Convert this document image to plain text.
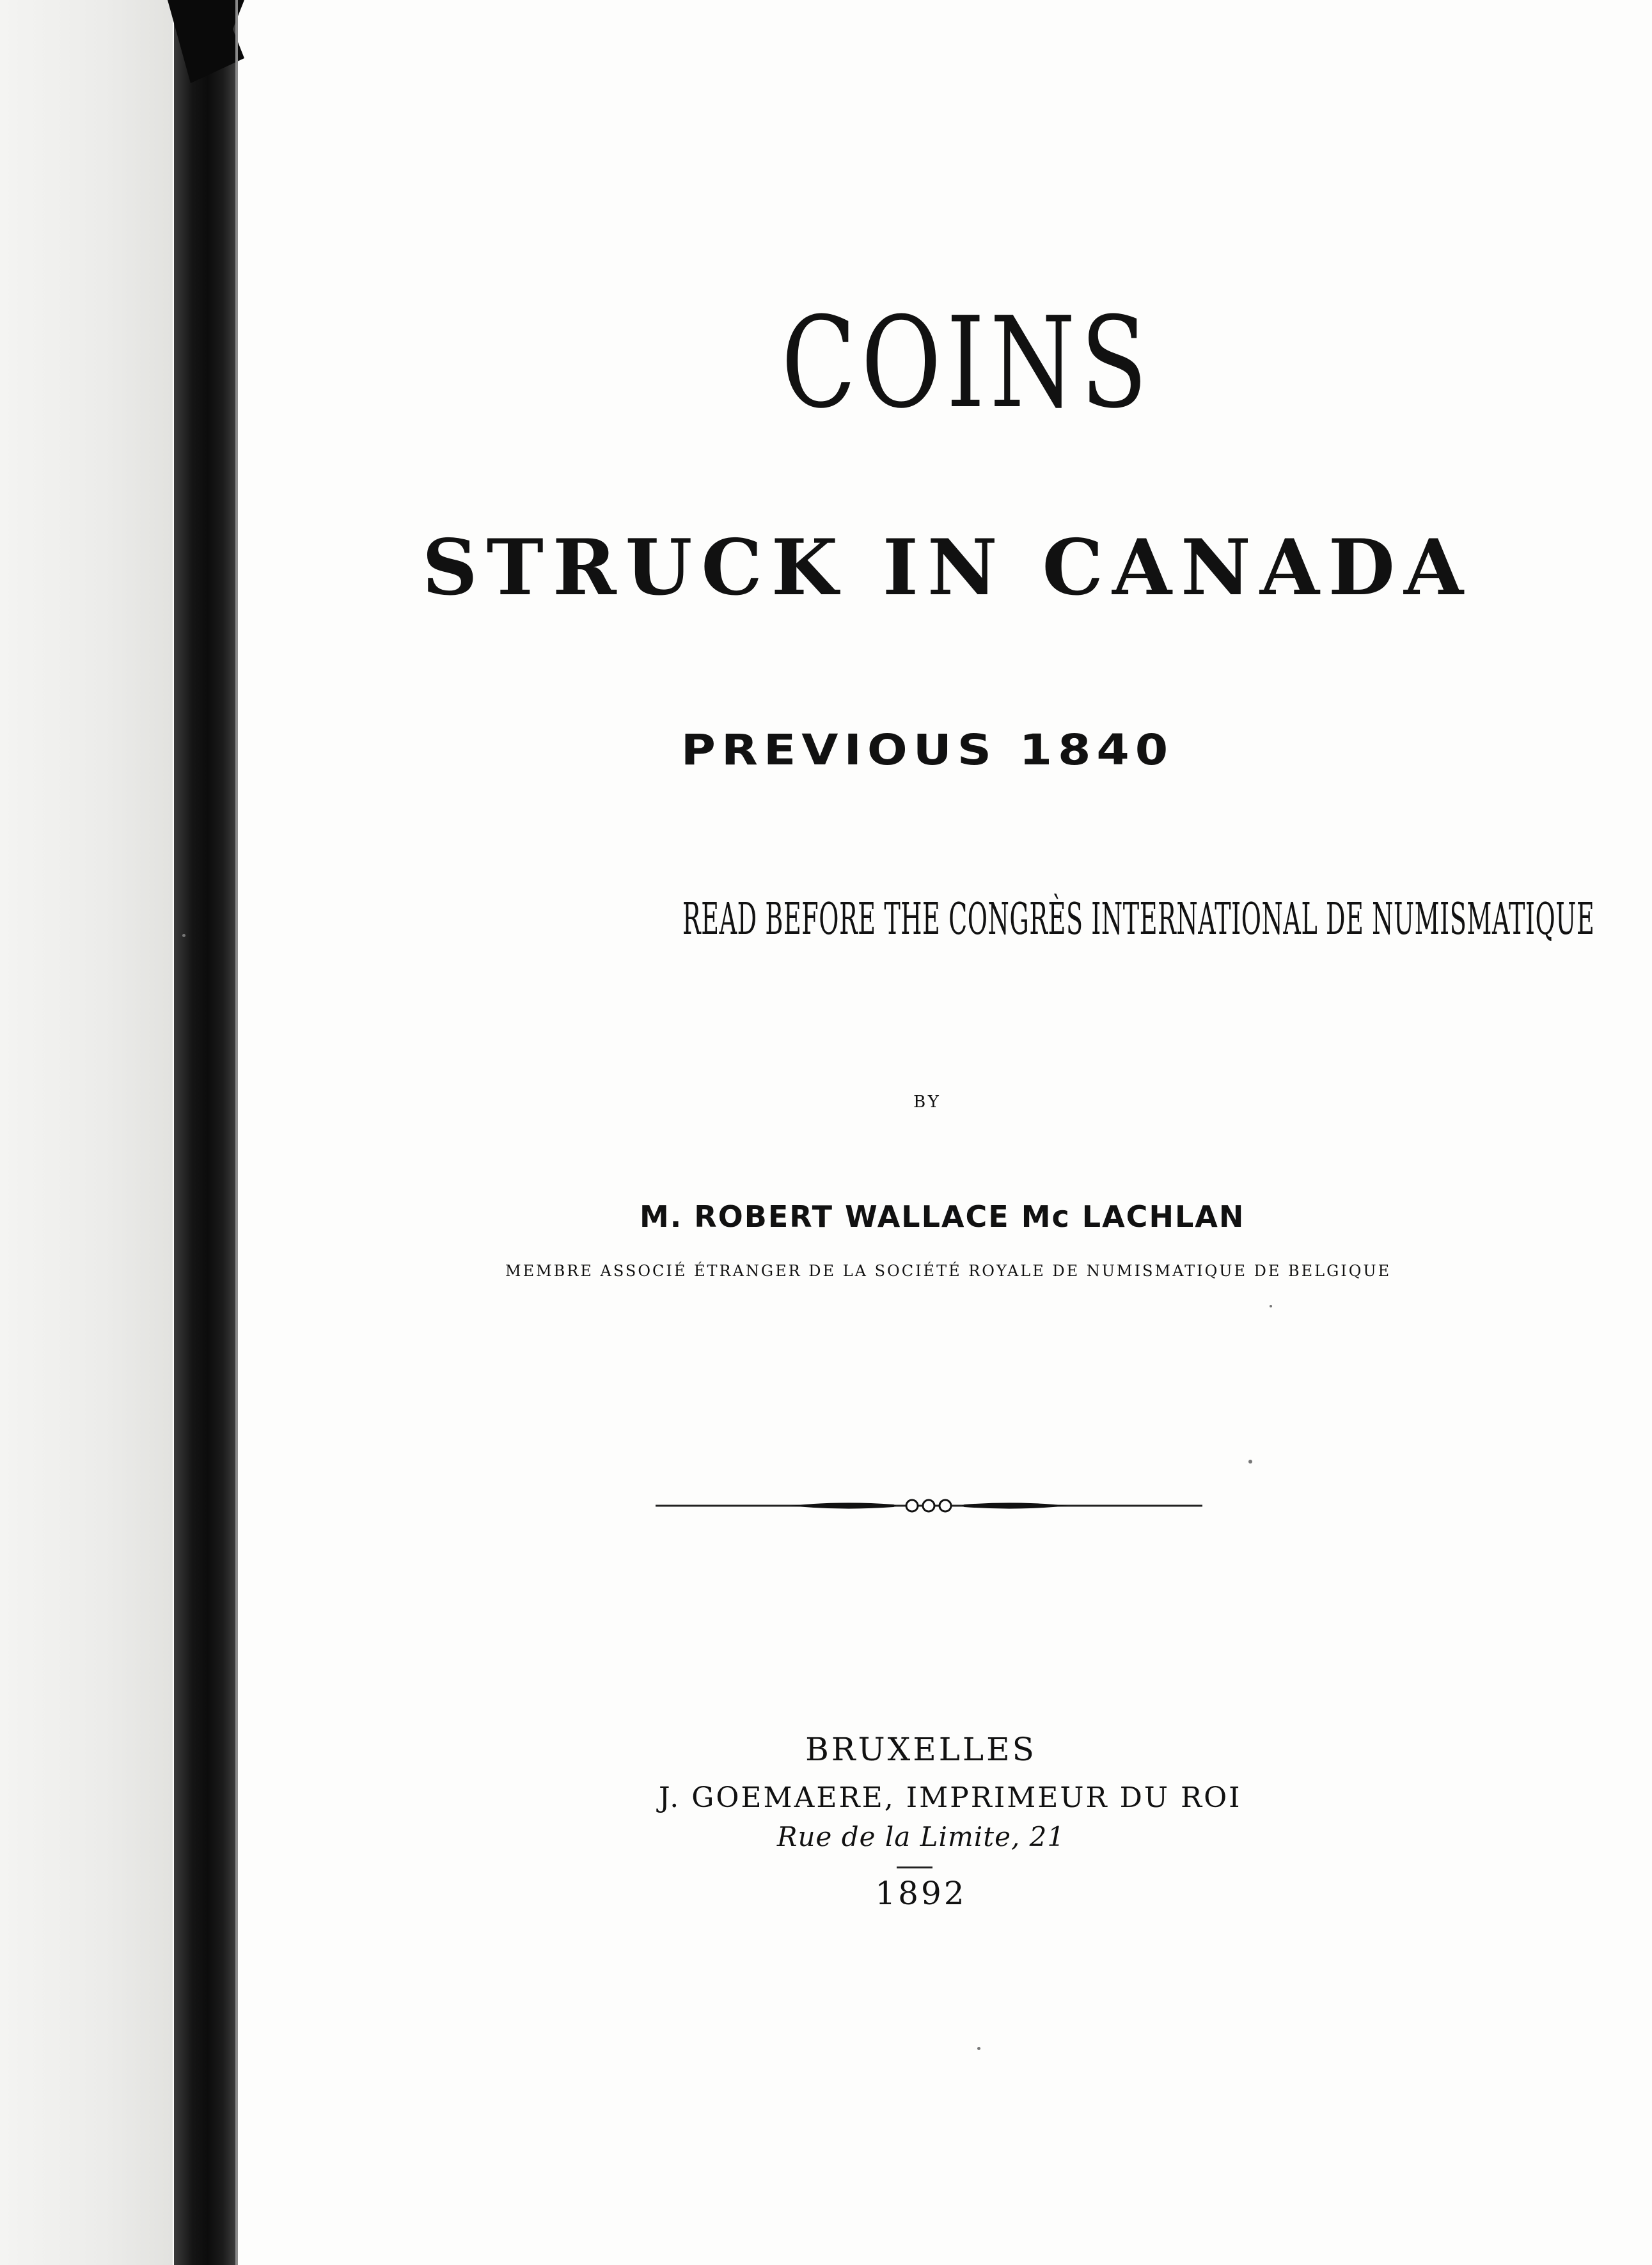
COINS
STRUCK IN CANADA
PREVIOUS 1840
READ BEFORE THE CONGRÈS INTERNATIONAL DE NUMISMATIQUE
BY
M. ROBERT WALLACE Mc LACHLAN
MEMBRE ASSOCIÉ ÉTRANGER DE LA SOCIÉTÉ ROYALE DE NUMISMATIQUE DE BELGIQUE
BRUXELLES
J. GOEMAERE, IMPRIMEUR DU ROI
Rue de la Limite, 21
1892
